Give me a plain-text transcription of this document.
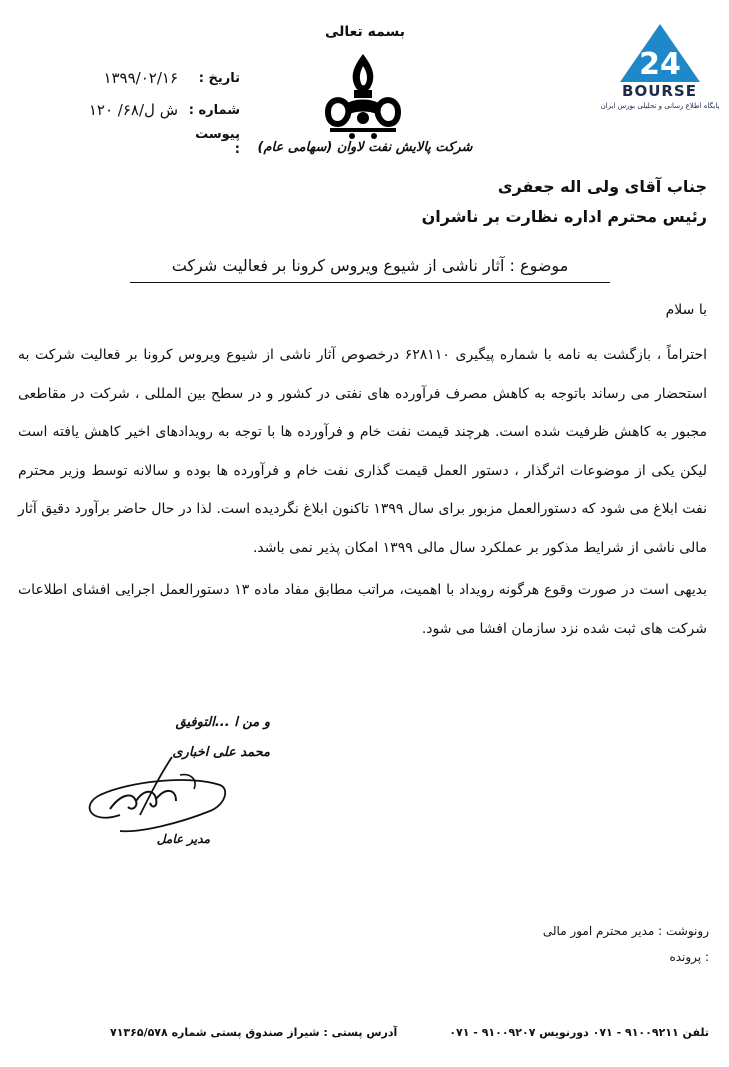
بسمه تعالی
شرکت پالایش نفت لاوان (سهامی عام)
تاریخ :
۱۳۹۹/۰۲/۱۶
شماره :
ش ل/۶۸/ ۱۲۰
پیوست :
24
BOURSE
پایگاه اطلاع رسانی و تحلیلی بورس ایران
جناب آقای ولی اله جعفری
رئیس محترم اداره نظارت بر ناشران
موضوع : آثار ناشی از شیوع ویروس کرونا بر فعالیت شرکت
با سلام

احتراماً ، بازگشت به نامه با شماره پیگیری ۶۲۸۱۱۰ درخصوص آثار ناشی از شیوع ویروس کرونا بر فعالیت شرکت به استحضار می رساند باتوجه به کاهش مصرف فرآورده های نفتی در کشور و در سطح بین المللی ، شرکت در مقاطعی مجبور به کاهش ظرفیت شده است. هرچند قیمت نفت خام و فرآورده ها با توجه به رویدادهای اخیر کاهش یافته است لیکن یکی از موضوعات اثرگذار ، دستور العمل قیمت گذاری نفت خام و فرآورده ها بوده و سالانه توسط وزیر محترم نفت ابلاغ می شود که دستورالعمل مزبور برای سال ۱۳۹۹ تاکنون ابلاغ نگردیده است. لذا در حال حاضر برآورد دقیق آثار مالی ناشی از شرایط مذکور بر عملکرد سال مالی ۱۳۹۹ امکان پذیر نمی باشد.

بدیهی است در صورت وقوع هرگونه رویداد با اهمیت، مراتب مطابق مفاد ماده ۱۳ دستورالعمل اجرایی افشای اطلاعات شرکت های ثبت شده نزد سازمان افشا می شود.

و من ا ...التوفیق
محمد علی اخباری
مدیر عامل
رونوشت : مدیر محترم امور مالی
: پرونده
آدرس پستی : شیراز صندوق پستی شماره ۷۱۳۶۵/۵۷۸	تلفن ۹۱۰۰۹۲۱۱ - ۰۷۱ دورنویس ۹۱۰۰۹۲۰۷ - ۰۷۱
